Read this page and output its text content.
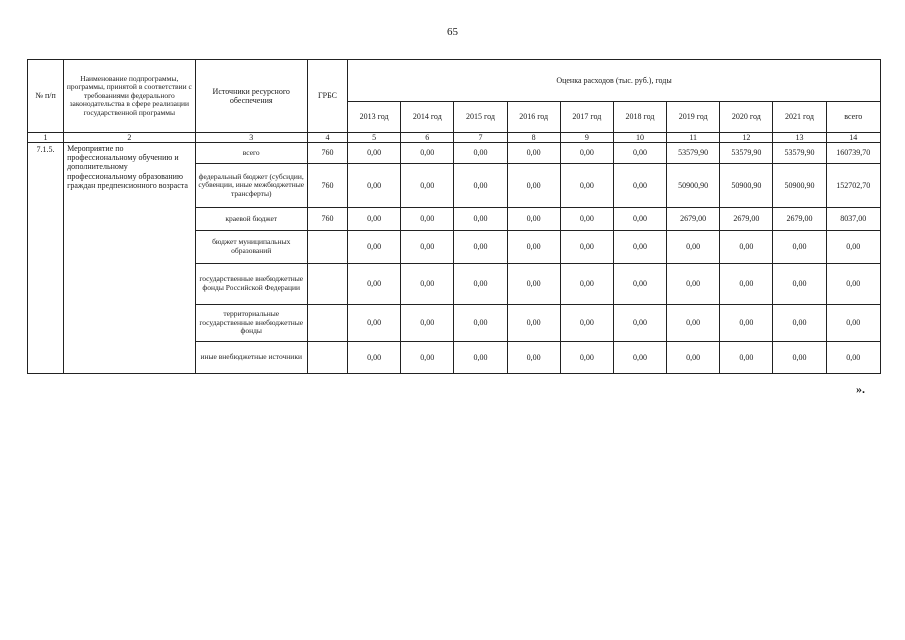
65
№ п/п	Наименование подпрограммы, программы, принятой в соответствии с требованиями федерального законодательства в сфере реализации государственной программы	Источники ресурсного обеспечения	ГРБС	Оценка расходов (тыс. руб.), годы									
				2013 год	2014 год	2015 год	2016 год	2017 год	2018 год	2019 год	2020 год	2021 год	всего
1	2	3	4	5	6	7	8	9	10	11	12	13	14
7.1.5.	Мероприятие по профессиональному обучению и дополнительному профессиональному образованию граждан предпенсионного возраста	всего	760	0,00	0,00	0,00	0,00	0,00	0,00	53579,90	53579,90	53579,90	160739,70
		федеральный бюджет (субсидии, субвенции, иные межбюджетные трансферты)	760	0,00	0,00	0,00	0,00	0,00	0,00	50900,90	50900,90	50900,90	152702,70
		краевой бюджет	760	0,00	0,00	0,00	0,00	0,00	0,00	2679,00	2679,00	2679,00	8037,00
		бюджет муниципальных образований		0,00	0,00	0,00	0,00	0,00	0,00	0,00	0,00	0,00	0,00
		государственные внебюджетные фонды Российской Федерации		0,00	0,00	0,00	0,00	0,00	0,00	0,00	0,00	0,00	0,00
		территориальные государственные внебюджетные фонды		0,00	0,00	0,00	0,00	0,00	0,00	0,00	0,00	0,00	0,00
		иные внебюджетные источники		0,00	0,00	0,00	0,00	0,00	0,00	0,00	0,00	0,00	0,00
».
